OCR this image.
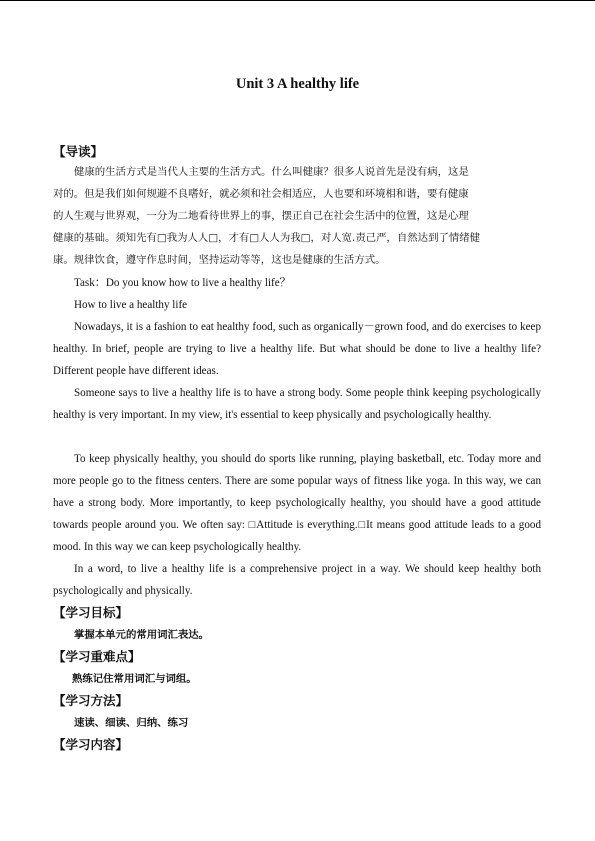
Unit 3 A healthy life
【导读】
健康的生活方式是当代人主要的生活方式。什么叫健康？很多人说首先是没有病，这是
对的。但是我们如何规避不良嗜好，就必须和社会相适应，人也要和环境相和谐，要有健康
的人生观与世界观，一分为二地看待世界上的事，摆正自己在社会生活中的位置，这是心理
健康的基础。须知先有□我为人人□，才有□人人为我□，对人宽.责己严，自然达到了情绪健
康。规律饮食，遵守作息时间，坚持运动等等，这也是健康的生活方式。
Task：Do you know how to live a healthy life？
How to live a healthy life

Nowadays, it is a fashion to eat healthy food, such as organically－grown food, and do exercises to keep healthy. In brief, people are trying to live a healthy life. But what should be done to live a healthy life? Different people have different ideas.

Someone says to live a healthy life is to have a strong body. Some people think keeping psychologically healthy is very important. In my view, it's essential to keep physically and psychologically healthy.

To keep physically healthy, you should do sports like running, playing basketball, etc. Today more and more people go to the fitness centers. There are some popular ways of fitness like yoga. In this way, we can have a strong body. More importantly, to keep psychologically healthy, you should have a good attitude towards people around you. We often say: □Attitude is everything.□It means good attitude leads to a good mood. In this way we can keep psychologically healthy.

In a word, to live a healthy life is a comprehensive project in a way. We should keep healthy both psychologically and physically.

【学习目标】
掌握本单元的常用词汇表达。
【学习重难点】
熟练记住常用词汇与词组。
【学习方法】
速读、细读、归纳、练习
【学习内容】
